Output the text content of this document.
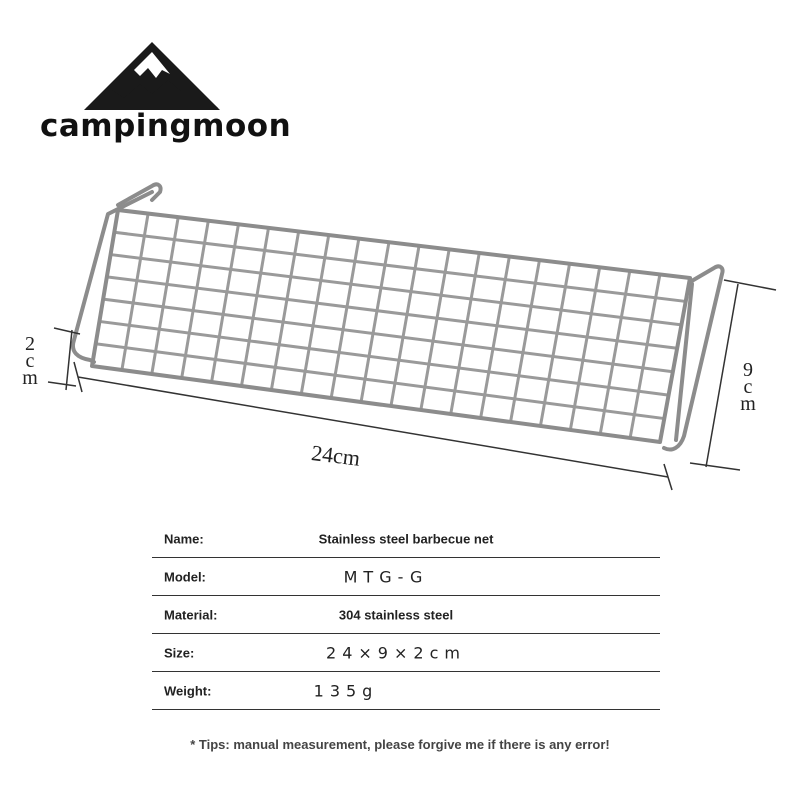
campingmoon
24cm
2
c
m	9
c
m
Name:	Stainless steel barbecue net
Model:	MTG-G
Material:	304 stainless steel
Size:	24×9×2cm
Weight:	135g
* Tips: manual measurement, please forgive me if there is any error!
